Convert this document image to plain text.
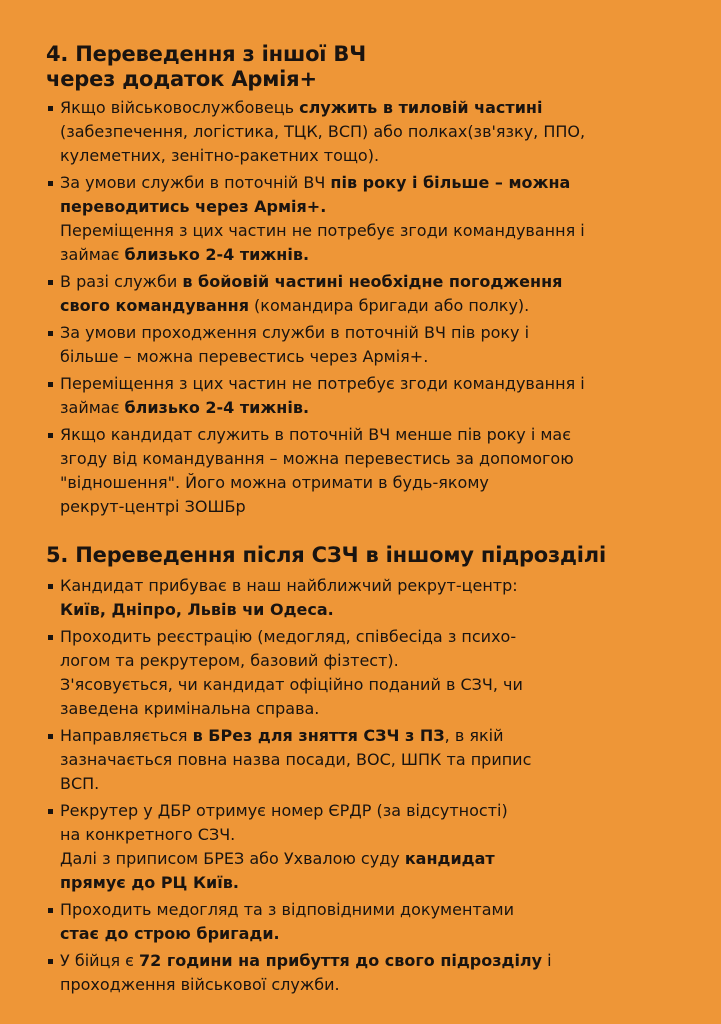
4. Переведення з іншої ВЧ
через додаток Армія+
Якщо військовослужбовець служить в тиловій частині
(забезпечення, логістика, ТЦК, ВСП) або полках(зв'язку, ППО,
кулеметних, зенітно-ракетних тощо).
За умови служби в поточній ВЧ пів року і більше – можна
переводитись через Армія+.
Переміщення з цих частин не потребує згоди командування і
займає близько 2-4 тижнів.
В разі служби в бойовій частині необхідне погодження
свого командування (командира бригади або полку).
За умови проходження служби в поточній ВЧ пів року і
більше – можна перевестись через Армія+.
Переміщення з цих частин не потребує згоди командування і
займає близько 2-4 тижнів.
Якщо кандидат служить в поточній ВЧ менше пів року і має
згоду від командування – можна перевестись за допомогою
"відношення". Його можна отримати в будь-якому
рекрут-центрі ЗОШБр
5. Переведення після СЗЧ в іншому підрозділі
Кандидат прибуває в наш найближчий рекрут-центр:
Київ, Дніпро, Львів чи Одеса.
Проходить реєстрацію (медогляд, співбесіда з психо-
логом та рекрутером, базовий фізтест).
З'ясовується, чи кандидат офіційно поданий в СЗЧ, чи
заведена кримінальна справа.
Направляється в БРез для зняття СЗЧ з ПЗ, в якій
зазначається повна назва посади, ВОС, ШПК та припис
ВСП.
Рекрутер у ДБР отримує номер ЄРДР (за відсутності)
на конкретного СЗЧ.
Далі з приписом БРЕЗ або Ухвалою суду кандидат
прямує до РЦ Київ.
Проходить медогляд та з відповідними документами
стає до строю бригади.
У бійця є 72 години на прибуття до свого підрозділу і
проходження військової служби.
